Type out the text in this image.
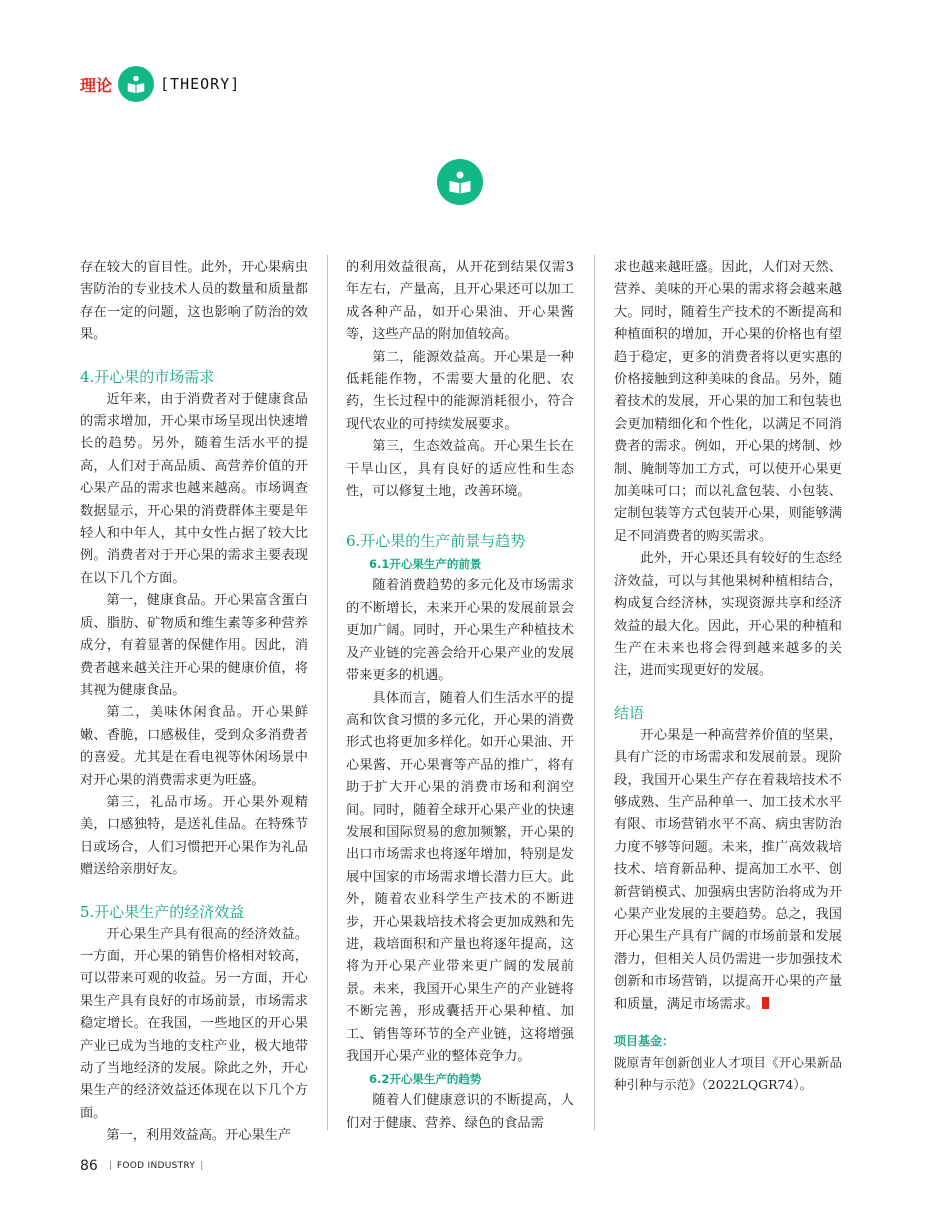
理论	[THEORY]

存在较大的盲目性。此外，开心果病虫害防治的专业技术人员的数量和质量都存在一定的问题，这也影响了防治的效果。

4.开心果的市场需求

近年来，由于消费者对于健康食品的需求增加，开心果市场呈现出快速增长的趋势。另外，随着生活水平的提高，人们对于高品质、高营养价值的开心果产品的需求也越来越高。市场调查数据显示，开心果的消费群体主要是年轻人和中年人，其中女性占据了较大比例。消费者对于开心果的需求主要表现在以下几个方面。

第一，健康食品。开心果富含蛋白质、脂肪、矿物质和维生素等多种营养成分，有着显著的保健作用。因此，消费者越来越关注开心果的健康价值，将其视为健康食品。

第二，美味休闲食品。开心果鲜嫩、香脆，口感极佳，受到众多消费者的喜爱。尤其是在看电视等休闲场景中对开心果的消费需求更为旺盛。

第三，礼品市场。开心果外观精美，口感独特，是送礼佳品。在特殊节日或场合，人们习惯把开心果作为礼品赠送给亲朋好友。

5.开心果生产的经济效益

开心果生产具有很高的经济效益。一方面，开心果的销售价格相对较高，可以带来可观的收益。另一方面，开心果生产具有良好的市场前景，市场需求稳定增长。在我国，一些地区的开心果产业已成为当地的支柱产业，极大地带动了当地经济的发展。除此之外，开心果生产的经济效益还体现在以下几个方面。

第一，利用效益高。开心果生产

的利用效益很高，从开花到结果仅需3年左右，产量高，且开心果还可以加工成各种产品，如开心果油、开心果酱等，这些产品的附加值较高。

第二，能源效益高。开心果是一种低耗能作物，不需要大量的化肥、农药，生长过程中的能源消耗很小，符合现代农业的可持续发展要求。

第三，生态效益高。开心果生长在干旱山区，具有良好的适应性和生态性，可以修复土地，改善环境。

6.开心果的生产前景与趋势
6.1开心果生产的前景

随着消费趋势的多元化及市场需求的不断增长，未来开心果的发展前景会更加广阔。同时，开心果生产种植技术及产业链的完善会给开心果产业的发展带来更多的机遇。

具体而言，随着人们生活水平的提高和饮食习惯的多元化，开心果的消费形式也将更加多样化。如开心果油、开心果酱、开心果膏等产品的推广，将有助于扩大开心果的消费市场和利润空间。同时，随着全球开心果产业的快速发展和国际贸易的愈加频繁，开心果的出口市场需求也将逐年增加，特别是发展中国家的市场需求增长潜力巨大。此外，随着农业科学生产技术的不断进步，开心果栽培技术将会更加成熟和先进，栽培面积和产量也将逐年提高，这将为开心果产业带来更广阔的发展前景。未来，我国开心果生产的产业链将不断完善，形成囊括开心果种植、加工、销售等环节的全产业链，这将增强我国开心果产业的整体竞争力。

6.2开心果生产的趋势

随着人们健康意识的不断提高，人们对于健康、营养、绿色的食品需

求也越来越旺盛。因此，人们对天然、营养、美味的开心果的需求将会越来越大。同时，随着生产技术的不断提高和种植面积的增加，开心果的价格也有望趋于稳定，更多的消费者将以更实惠的价格接触到这种美味的食品。另外，随着技术的发展，开心果的加工和包装也会更加精细化和个性化，以满足不同消费者的需求。例如，开心果的烤制、炒制、腌制等加工方式，可以使开心果更加美味可口；而以礼盒包装、小包装、定制包装等方式包装开心果，则能够满足不同消费者的购买需求。

此外，开心果还具有较好的生态经济效益，可以与其他果树种植相结合，构成复合经济林，实现资源共享和经济效益的最大化。因此，开心果的种植和生产在未来也将会得到越来越多的关注，进而实现更好的发展。

结语

开心果是一种高营养价值的坚果，具有广泛的市场需求和发展前景。现阶段，我国开心果生产存在着栽培技术不够成熟、生产品种单一、加工技术水平有限、市场营销水平不高、病虫害防治力度不够等问题。未来，推广高效栽培技术、培育新品种、提高加工水平、创新营销模式、加强病虫害防治将成为开心果产业发展的主要趋势。总之，我国开心果生产具有广阔的市场前景和发展潜力，但相关人员仍需进一步加强技术创新和市场营销，以提高开心果的产量和质量，满足市场需求。

项目基金：

陇原青年创新创业人才项目《开心果新品种引种与示范》（2022LQGR74）。

86 | FOOD INDUSTRY |
